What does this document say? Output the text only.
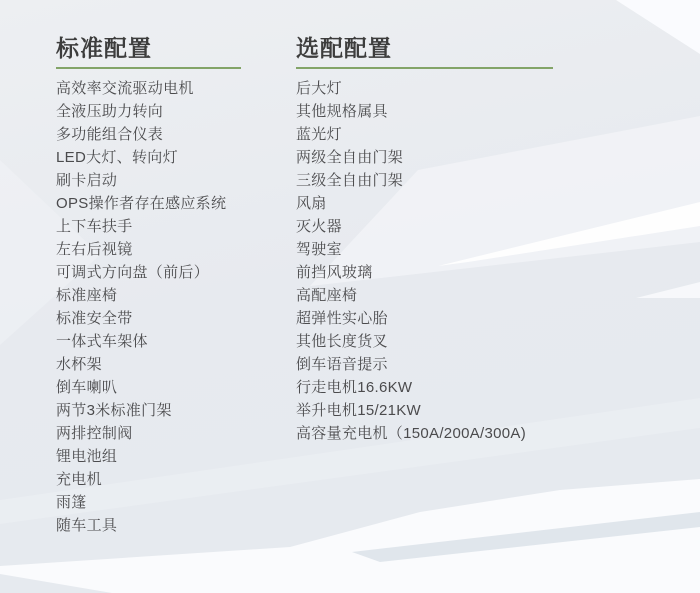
标准配置
高效率交流驱动电机
全液压助力转向
多功能组合仪表
LED大灯、转向灯
刷卡启动
OPS操作者存在感应系统
上下车扶手
左右后视镜
可调式方向盘（前后）
标准座椅
标准安全带
一体式车架体
水杯架
倒车喇叭
两节3米标准门架
两排控制阀
锂电池组
充电机
雨篷
随车工具
选配配置
后大灯
其他规格属具
蓝光灯
两级全自由门架
三级全自由门架
风扇
灭火器
驾驶室
前挡风玻璃
高配座椅
超弹性实心胎
其他长度货叉
倒车语音提示
行走电机16.6KW
举升电机15/21KW
高容量充电机（150A/200A/300A)
